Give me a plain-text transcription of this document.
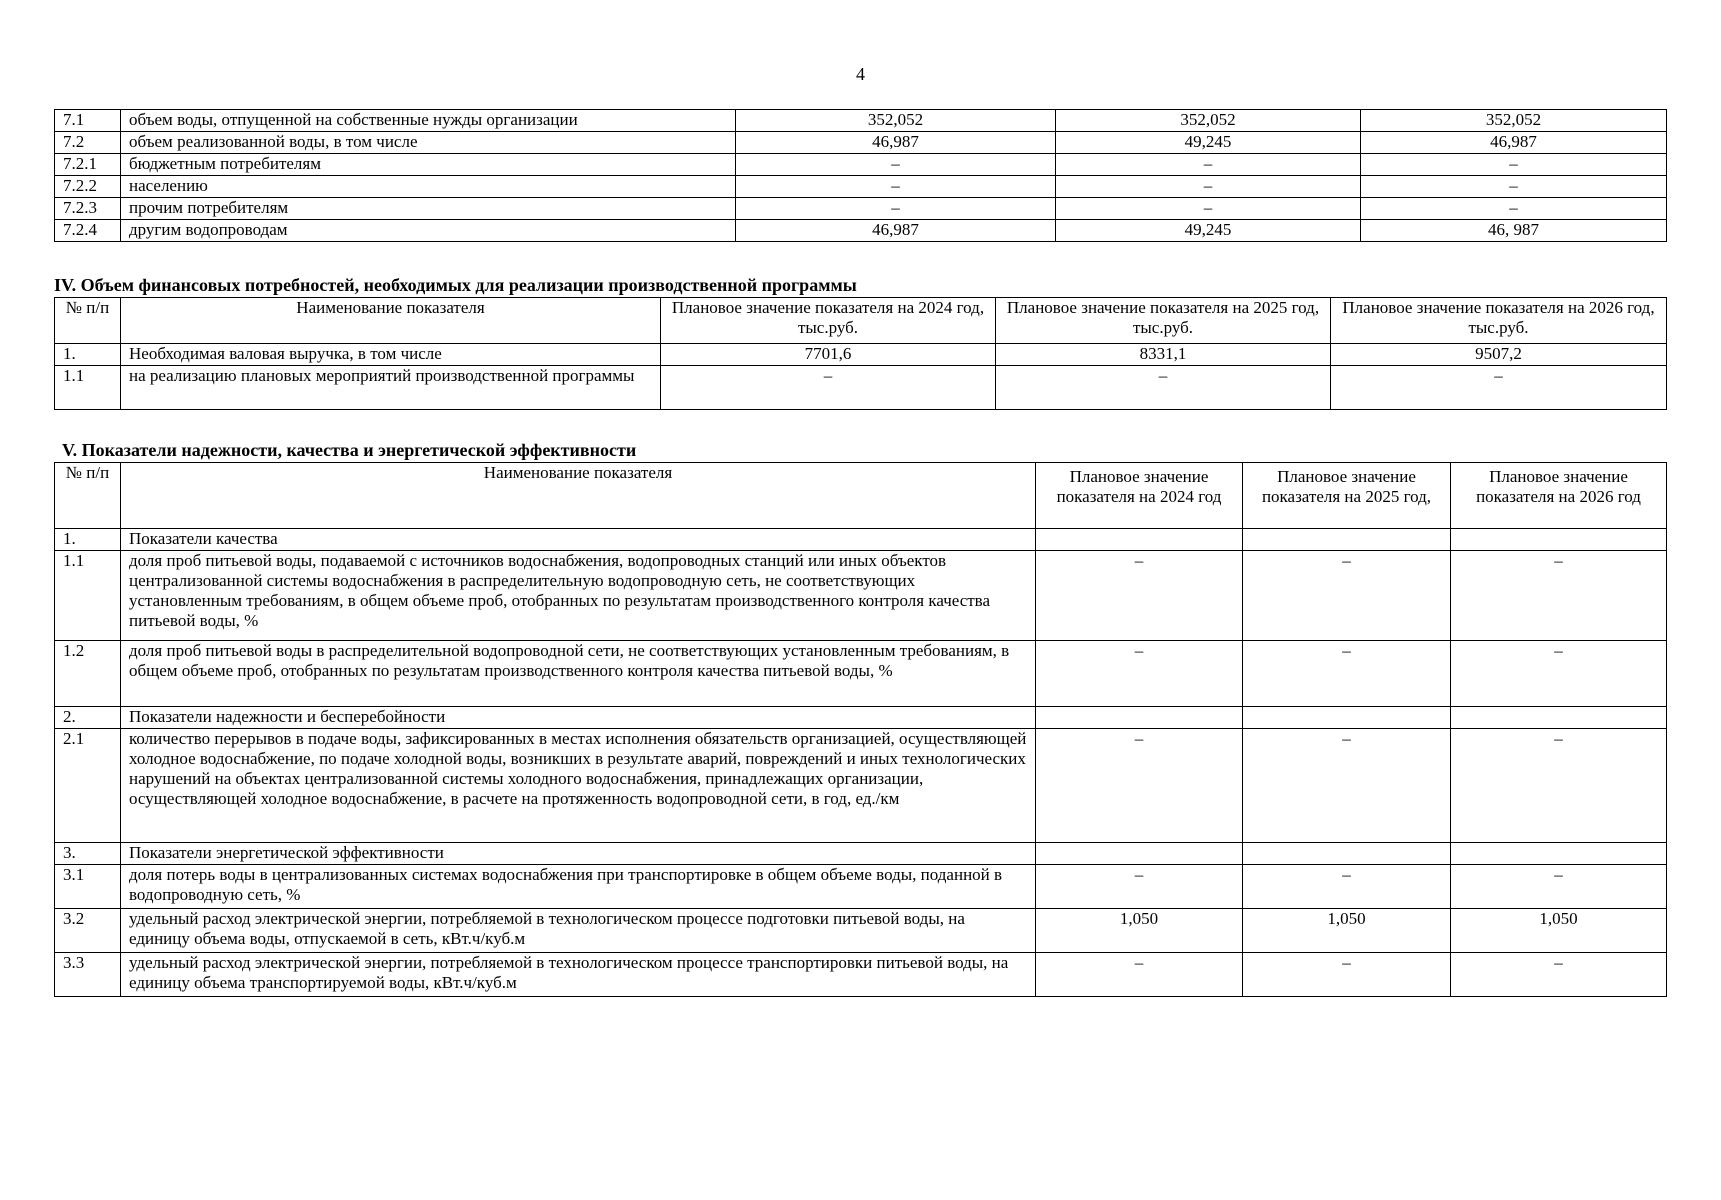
4
7.1	объем воды, отпущенной на собственные нужды организации	352,052	352,052	352,052
7.2	объем реализованной воды, в том числе	46,987	49,245	46,987
7.2.1	бюджетным потребителям	–	–	–
7.2.2	населению	–	–	–
7.2.3	прочим потребителям	–	–	–
7.2.4	другим водопроводам	46,987	49,245	46, 987
IV. Объем финансовых потребностей, необходимых для реализации производственной программы
№ п/п	Наименование показателя	Плановое значение показателя на 2024 год, тыс.руб.	Плановое значение показателя на 2025 год, тыс.руб.	Плановое значение показателя на 2026 год, тыс.руб.
1.	Необходимая валовая выручка, в том числе	7701,6	8331,1	9507,2
1.1	на реализацию плановых мероприятий производственной программы	–	–	–
V. Показатели надежности, качества и энергетической эффективности
№ п/п	Наименование показателя	Плановое значение показателя на 2024 год	Плановое значение показателя на 2025 год,	Плановое значение показателя на 2026 год
1.	Показатели качества			
1.1	доля проб питьевой воды, подаваемой с источников водоснабжения, водопроводных станций или иных объектов централизованной системы водоснабжения в распределительную водопроводную сеть, не соответствующих установленным требованиям, в общем объеме проб, отобранных по результатам производственного контроля качества питьевой воды, %	–	–	–
1.2	доля проб питьевой воды в распределительной водопроводной сети, не соответствующих установленным требованиям, в общем объеме проб, отобранных по результатам производственного контроля качества питьевой воды, %	–	–	–
2.	Показатели надежности и бесперебойности			
2.1	количество перерывов в подаче воды, зафиксированных в местах исполнения обязательств организацией, осуществляющей холодное водоснабжение, по подаче холодной воды, возникших в результате аварий, повреждений и иных технологических нарушений на объектах централизованной системы холодного водоснабжения, принадлежащих организации, осуществляющей холодное водоснабжение, в расчете на протяженность водопроводной сети, в год, ед./км	–	–	–
3.	Показатели энергетической эффективности			
3.1	доля потерь воды в централизованных системах водоснабжения при транспортировке в общем объеме воды, поданной в водопроводную сеть, %	–	–	–
3.2	удельный расход электрической энергии, потребляемой в технологическом процессе подготовки питьевой воды, на единицу объема воды, отпускаемой в сеть, кВт.ч/куб.м	1,050	1,050	1,050
3.3	удельный расход электрической энергии, потребляемой в технологическом процессе транспортировки питьевой воды, на единицу объема транспортируемой воды, кВт.ч/куб.м	–	–	–
